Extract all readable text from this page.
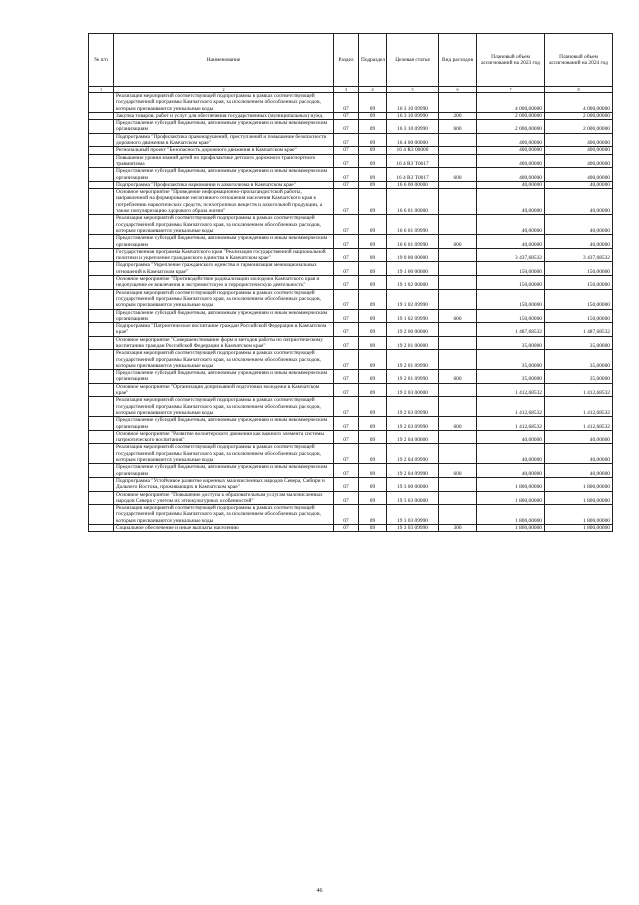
№ п/п	Наименование	Раздел	Подраздел	Целевая статья	Вид расходов	Плановый объем ассигнований на 2023 год	Плановый объем ассигнований на 2024 год
1	2	3	4	5	6	7	8
	Реализация мероприятий соответствующей подпрограммы в рамках соответствующей государственной программы Камчатского края, за исключением обособленных расходов, которым присваиваются уникальные коды	07	09	16 3 10 09990		4 000,00000	4 000,00000
	Закупка товаров, работ и услуг для обеспечения государственных (муниципальных) нужд	07	09	16 3 10 09990	200	2 000,00000	2 000,00000
	Предоставление субсидий бюджетным, автономным учреждениям и иным некоммерческим организациям	07	09	16 3 10 09990	600	2 000,00000	2 000,00000
	Подпрограмма "Профилактика правонарушений, преступлений и повышение безопасности дорожного движения в Камчатском крае"	07	09	16 4 00 00000		400,00000	400,00000
	Региональный проект "Безопасность дорожного движения в Камчатском крае"	07	09	16 4 R3 00000		400,00000	400,00000
	Повышение уровня знаний детей по профилактике детского дорожного транспортного травматизма	07	09	16 4 R3 Т0017		400,00000	400,00000
	Предоставление субсидий бюджетным, автономным учреждениям и иным некоммерческим организациям	07	09	16 4 R3 Т0017	600	400,00000	400,00000
	Подпрограмма "Профилактика наркомании и алкоголизма в Камчатском крае"	07	09	16 6 00 00000		40,00000	40,00000
	Основное мероприятие "Проведение информационно-пропагандистской работы, направленной на формирование негативного отношения населения Камчатского края к потреблению наркотических средств, психотропных веществ и алкогольной продукции, а также популяризацию здорового образа жизни"	07	09	16 6 01 00000		40,00000	40,00000
	Реализация мероприятий соответствующей подпрограммы в рамках соответствующей государственной программы Камчатского края, за исключением обособленных расходов, которым присваиваются уникальные коды	07	09	16 6 01 09990		40,00000	40,00000
	Предоставление субсидий бюджетным, автономным учреждениям и иным некоммерческим организациям	07	09	16 6 01 09990	600	40,00000	40,00000
	Государственная программа Камчатского края "Реализация государственной национальной политики и укрепление гражданского единства в Камчатском крае"	07	09	19 0 00 00000		3 437,68532	3 437,68532
	Подпрограмма "Укрепление гражданского единства и гармонизация межнациональных отношений в Камчатском крае"	07	09	19 1 00 00000		150,00000	150,00000
	Основное мероприятие "Противодействие радикализации молодежи Камчатского края и недопущение ее вовлечения в экстремистскую и террористическую деятельность"	07	09	19 1 02 00000		150,00000	150,00000
	Реализация мероприятий соответствующей подпрограммы в рамках соответствующей государственной программы Камчатского края, за исключением обособленных расходов, которым присваиваются уникальные коды	07	09	19 1 02 09990		150,00000	150,00000
	Предоставление субсидий бюджетным, автономным учреждениям и иным некоммерческим организациям	07	09	19 1 02 09990	600	150,00000	150,00000
	Подпрограмма "Патриотическое воспитание граждан Российской Федерации в Камчатском крае"	07	09	19 2 00 00000		1 487,68532	1 487,68532
	Основное мероприятие "Совершенствование форм и методов работы по патриотическому воспитанию граждан Российской Федерации в Камчатском крае"	07	09	19 2 01 00000		35,00000	35,00000
	Реализация мероприятий соответствующей подпрограммы в рамках соответствующей государственной программы Камчатского края, за исключением обособленных расходов, которым присваиваются уникальные коды	07	09	19 2 01 09990		35,00000	35,00000
	Предоставление субсидий бюджетным, автономным учреждениям и иным некоммерческим организациям	07	09	19 2 01 09990	600	35,00000	35,00000
	Основное мероприятие "Организация допризывной подготовки молодежи в Камчатском крае"	07	09	19 2 03 00000		1 412,68532	1 412,68532
	Реализация мероприятий соответствующей подпрограммы в рамках соответствующей государственной программы Камчатского края, за исключением обособленных расходов, которым присваиваются уникальные коды	07	09	19 2 03 09990		1 412,68532	1 412,68532
	Предоставление субсидий бюджетным, автономным учреждениям и иным некоммерческим организациям	07	09	19 2 03 09990	600	1 412,68532	1 412,68532
	Основное мероприятие "Развитие волонтерского движения как важного элемента системы патриотического воспитания"	07	09	19 2 04 00000		40,00000	40,00000
	Реализация мероприятий соответствующей подпрограммы в рамках соответствующей государственной программы Камчатского края, за исключением обособленных расходов, которым присваиваются уникальные коды	07	09	19 2 04 09990		40,00000	40,00000
	Предоставление субсидий бюджетным, автономным учреждениям и иным некоммерческим организациям	07	09	19 2 04 09990	600	40,00000	40,00000
	Подпрограмма "Устойчивое развитие коренных малочисленных народов Севера, Сибири и Дальнего Востока, проживающих в Камчатском крае"	07	09	19 3 00 00000		1 800,00000	1 800,00000
	Основное мероприятие "Повышение доступа к образовательным услугам малочисленных народов Севера с учетом их этнокультурных особенностей"	07	09	19 3 03 00000		1 800,00000	1 800,00000
	Реализация мероприятий соответствующей подпрограммы в рамках соответствующей государственной программы Камчатского края, за исключением обособленных расходов, которым присваиваются уникальные коды	07	09	19 3 03 09990		1 800,00000	1 800,00000
	Социальное обеспечение и иные выплаты населению	07	09	19 3 03 09990	300	1 800,00000	1 800,00000
46
